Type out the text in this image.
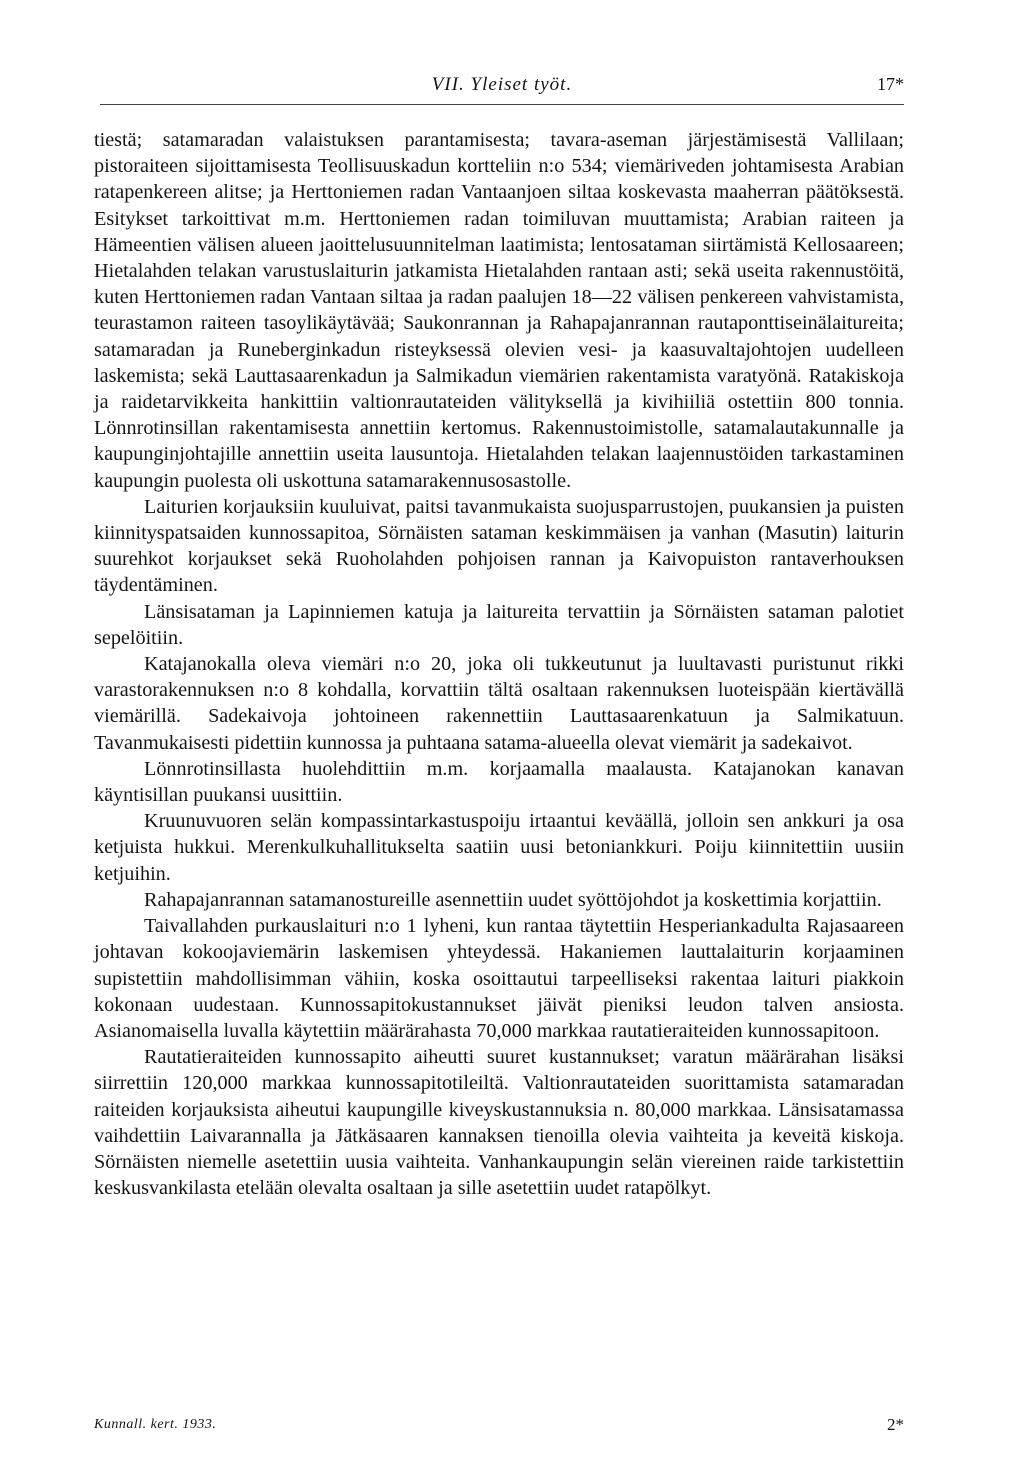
VII. Yleiset työt.	17*

tiestä; satamaradan valaistuksen parantamisesta; tavara-aseman järjestämisestä Vallilaan; pistoraiteen sijoittamisesta Teollisuuskadun kortteliin n:o 534; viemäriveden johtamisesta Arabian ratapenkereen alitse; ja Herttoniemen radan Vantaanjoen siltaa koskevasta maaherran päätöksestä. Esitykset tarkoittivat m.m. Herttoniemen radan toimiluvan muuttamista; Arabian raiteen ja Hämeentien välisen alueen jaoittelusuunnitelman laatimista; lentosataman siirtämistä Kellosaareen; Hietalahden telakan varustuslaiturin jatkamista Hietalahden rantaan asti; sekä useita rakennustöitä, kuten Herttoniemen radan Vantaan siltaa ja radan paalujen 18—22 välisen penkereen vahvistamista, teurastamon raiteen tasoylikäytävää; Saukonrannan ja Rahapajanrannan rautaponttiseinälaitureita; satamaradan ja Runeberginkadun risteyksessä olevien vesi- ja kaasuvaltajohtojen uudelleen laskemista; sekä Lauttasaarenkadun ja Salmikadun viemärien rakentamista varatyönä. Ratakiskoja ja raidetarvikkeita hankittiin valtionrautateiden välityksellä ja kivihiiliä ostettiin 800 tonnia. Lönnrotinsillan rakentamisesta annettiin kertomus. Rakennustoimistolle, satamalautakunnalle ja kaupunginjohtajille annettiin useita lausuntoja. Hietalahden telakan laajennustöiden tarkastaminen kaupungin puolesta oli uskottuna satamarakennusosastolle.

Laiturien korjauksiin kuuluivat, paitsi tavanmukaista suojusparrustojen, puukansien ja puisten kiinnityspatsaiden kunnossapitoa, Sörnäisten sataman keskimmäisen ja vanhan (Masutin) laiturin suurehkot korjaukset sekä Ruoholahden pohjoisen rannan ja Kaivopuiston rantaverhouksen täydentäminen.

Länsisataman ja Lapinniemen katuja ja laitureita tervattiin ja Sörnäisten sataman palotiet sepelöitiin.

Katajanokalla oleva viemäri n:o 20, joka oli tukkeutunut ja luultavasti puristunut rikki varastorakennuksen n:o 8 kohdalla, korvattiin tältä osaltaan rakennuksen luoteispään kiertävällä viemärillä. Sadekaivoja johtoineen rakennettiin Lauttasaarenkatuun ja Salmikatuun. Tavanmukaisesti pidettiin kunnossa ja puhtaana satama-alueella olevat viemärit ja sadekaivot.

Lönnrotinsillasta huolehdittiin m.m. korjaamalla maalausta. Katajanokan kanavan käyntisillan puukansi uusittiin.

Kruunuvuoren selän kompassintarkastuspoiju irtaantui keväällä, jolloin sen ankkuri ja osa ketjuista hukkui. Merenkulkuhallitukselta saatiin uusi betoniankkuri. Poiju kiinnitettiin uusiin ketjuihin.

Rahapajanrannan satamanostureille asennettiin uudet syöttöjohdot ja koskettimia korjattiin.

Taivallahden purkauslaituri n:o 1 lyheni, kun rantaa täytettiin Hesperiankadulta Rajasaareen johtavan kokoojaviemärin laskemisen yhteydessä. Hakaniemen lauttalaiturin korjaaminen supistettiin mahdollisimman vähiin, koska osoittautui tarpeelliseksi rakentaa laituri piakkoin kokonaan uudestaan. Kunnossapitokustannukset jäivät pieniksi leudon talven ansiosta. Asianomaisella luvalla käytettiin määrärahasta 70,000 markkaa rautatieraiteiden kunnossapitoon.

Rautatieraiteiden kunnossapito aiheutti suuret kustannukset; varatun määrärahan lisäksi siirrettiin 120,000 markkaa kunnossapitotileiltä. Valtionrautateiden suorittamista satamaradan raiteiden korjauksista aiheutui kaupungille kiveyskustannuksia n. 80,000 markkaa. Länsisatamassa vaihdettiin Laivarannalla ja Jätkäsaaren kannaksen tienoilla olevia vaihteita ja keveitä kiskoja. Sörnäisten niemelle asetettiin uusia vaihteita. Vanhankaupungin selän viereinen raide tarkistettiin keskusvankilasta etelään olevalta osaltaan ja sille asetettiin uudet ratapölkyt.

Kunnall. kert. 1933.	2*
